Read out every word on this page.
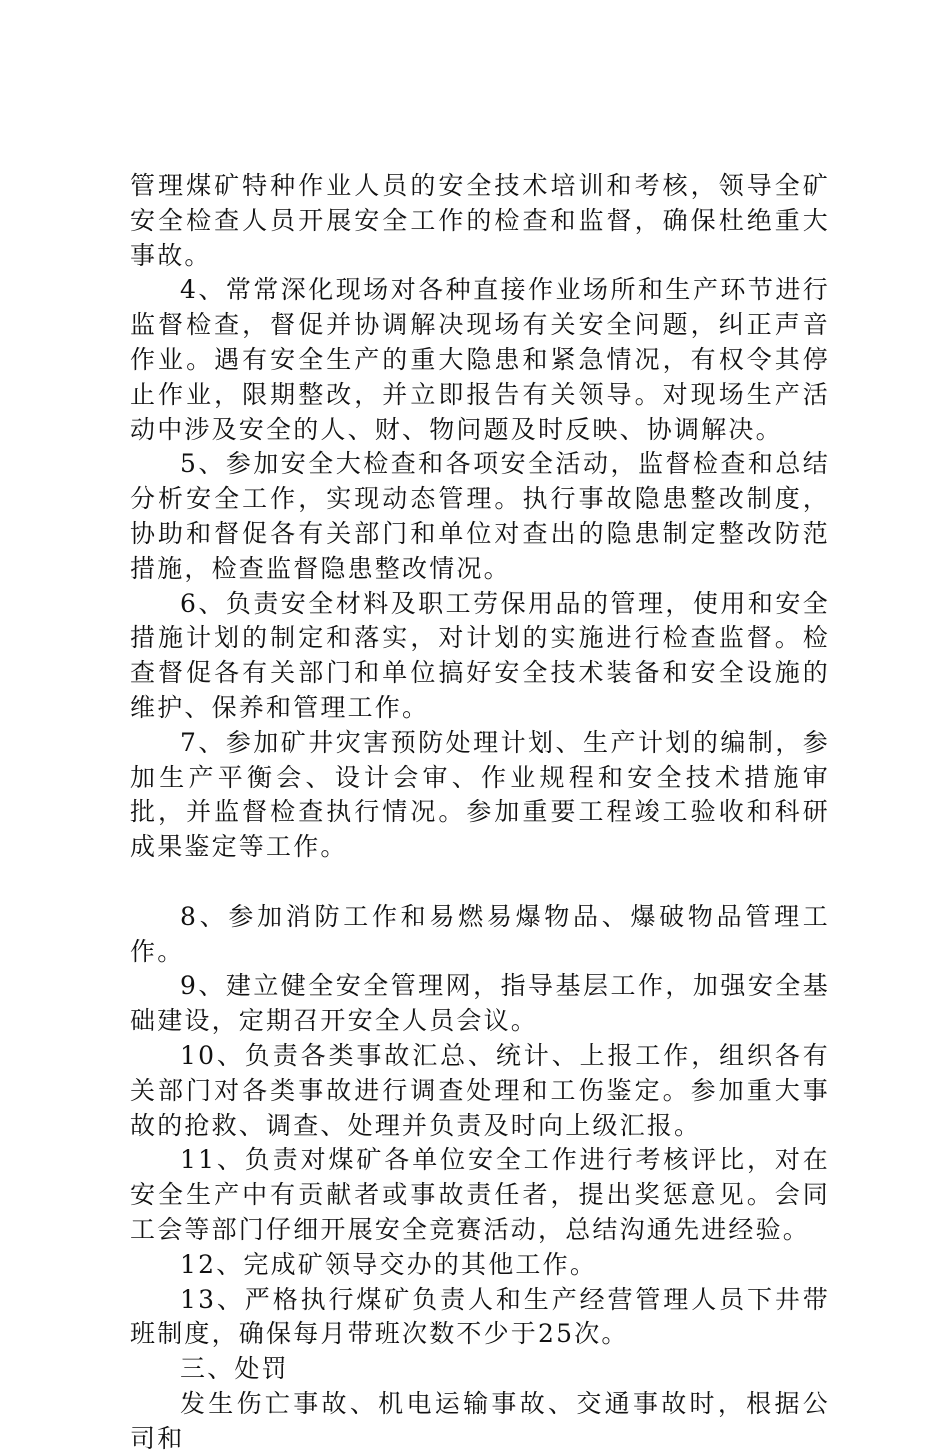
管理煤矿特种作业人员的安全技术培训和考核，领导全矿安全检查人员开展安全工作的检查和监督，确保杜绝重大事故。

4、常常深化现场对各种直接作业场所和生产环节进行监督检查，督促并协调解决现场有关安全问题，纠正声音作业。遇有安全生产的重大隐患和紧急情况，有权令其停止作业，限期整改，并立即报告有关领导。对现场生产活动中涉及安全的人、财、物问题及时反映、协调解决。

5、参加安全大检查和各项安全活动，监督检查和总结分析安全工作，实现动态管理。执行事故隐患整改制度，协助和督促各有关部门和单位对查出的隐患制定整改防范措施，检查监督隐患整改情况。

6、负责安全材料及职工劳保用品的管理，使用和安全措施计划的制定和落实，对计划的实施进行检查监督。检查督促各有关部门和单位搞好安全技术装备和安全设施的维护、保养和管理工作。

7、参加矿井灾害预防处理计划、生产计划的编制，参加生产平衡会、设计会审、作业规程和安全技术措施审批，并监督检查执行情况。参加重要工程竣工验收和科研成果鉴定等工作。

8、参加消防工作和易燃易爆物品、爆破物品管理工作。

9、建立健全安全管理网，指导基层工作，加强安全基础建设，定期召开安全人员会议。

10、负责各类事故汇总、统计、上报工作，组织各有关部门对各类事故进行调查处理和工伤鉴定。参加重大事故的抢救、调查、处理并负责及时向上级汇报。

11、负责对煤矿各单位安全工作进行考核评比，对在安全生产中有贡献者或事故责任者，提出奖惩意见。会同工会等部门仔细开展安全竞赛活动，总结沟通先进经验。

12、完成矿领导交办的其他工作。

13、严格执行煤矿负责人和生产经营管理人员下井带班制度，确保每月带班次数不少于25次。

三、处罚

发生伤亡事故、机电运输事故、交通事故时，根据公司和
